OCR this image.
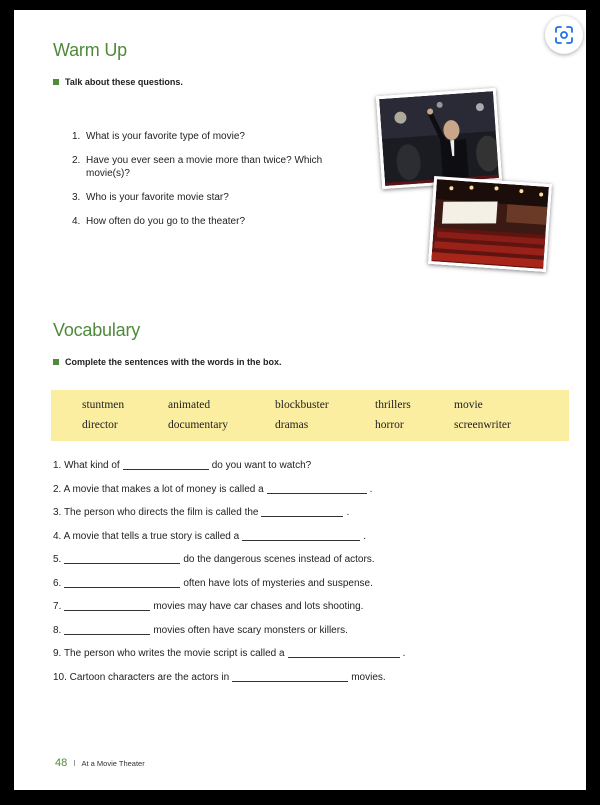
Warm Up
Talk about these questions.
1. What is your favorite type of movie?
2. Have you ever seen a movie more than twice? Which movie(s)?
3. Who is your favorite movie star?
4. How often do you go to the theater?
Vocabulary
Complete the sentences with the words in the box.
stuntmen	animated	blockbuster	thrillers	movie
director	documentary	dramas	horror	screenwriter
1. What kind of	do you want to watch?
2. A movie that makes a lot of money is called a	.
3. The person who directs the film is called the	.
4. A movie that tells a true story is called a	.
5.	do the dangerous scenes instead of actors.
6.	often have lots of mysteries and suspense.
7.	movies may have car chases and lots shooting.
8.	movies often have scary monsters or killers.
9. The person who writes the movie script is called a	.
10. Cartoon characters are the actors in	movies.
48 I At a Movie Theater
